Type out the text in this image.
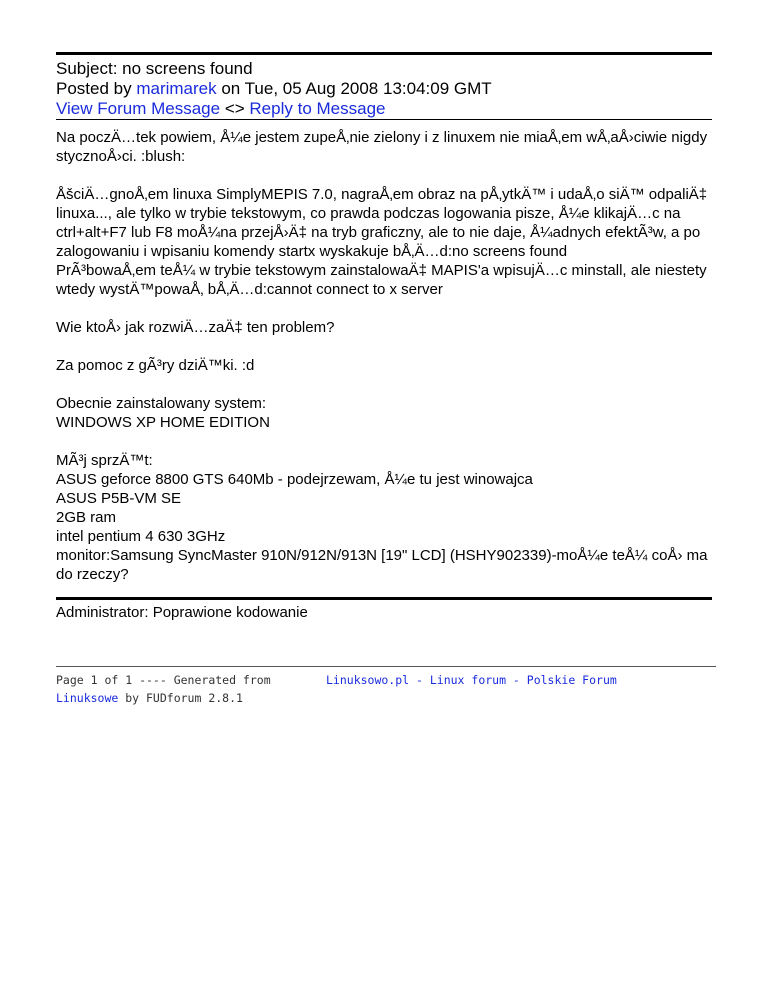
Subject: no screens found
Posted by marimarek on Tue, 05 Aug 2008 13:04:09 GMT
View Forum Message <> Reply to Message

Na poczÄ…tek powiem, Å¼e jestem zupeÅ‚nie zielony i z linuxem nie miaÅ‚em wÅ‚aÅ›ciwie nigdy
stycznoÅ›ci. :blush:

ÅšciÄ…gnoÅ‚em linuxa SimplyMEPIS 7.0, nagraÅ‚em obraz na pÅ‚ytkÄ™ i udaÅ‚o siÄ™ odpaliÄ‡
linuxa..., ale tylko w trybie tekstowym, co prawda podczas logowania pisze, Å¼e klikajÄ…c na
ctrl+alt+F7 lub F8 moÅ¼na przejÅ›Ä‡ na tryb graficzny, ale to nie daje, Å¼adnych efektÃ³w, a po
zalogowaniu i wpisaniu komendy startx wyskakuje bÅ‚Ä…d:no screens found
PrÃ³bowaÅ‚em teÅ¼ w trybie tekstowym zainstalowaÄ‡ MAPIS'a wpisujÄ…c minstall, ale niestety
wtedy wystÄ™powaÅ‚ bÅ‚Ä…d:cannot connect to x server

Wie ktoÅ› jak rozwiÄ…zaÄ‡ ten problem?

Za pomoc z gÃ³ry dziÄ™ki. :d

Obecnie zainstalowany system:
WINDOWS XP HOME EDITION

MÃ³j sprzÄ™t:
ASUS geforce 8800 GTS 640Mb - podejrzewam, Å¼e tu jest winowajca
ASUS P5B-VM SE
2GB ram
intel pentium 4 630 3GHz
monitor:Samsung SyncMaster 910N/912N/913N [19" LCD] (HSHY902339)-moÅ¼e teÅ¼ coÅ› ma
do rzeczy?

Administrator: Poprawione kodowanie

Page 1 of 1 ---- Generated from
Linuksowe by FUDforum 2.8.1
Linuksowo.pl - Linux forum - Polskie Forum
